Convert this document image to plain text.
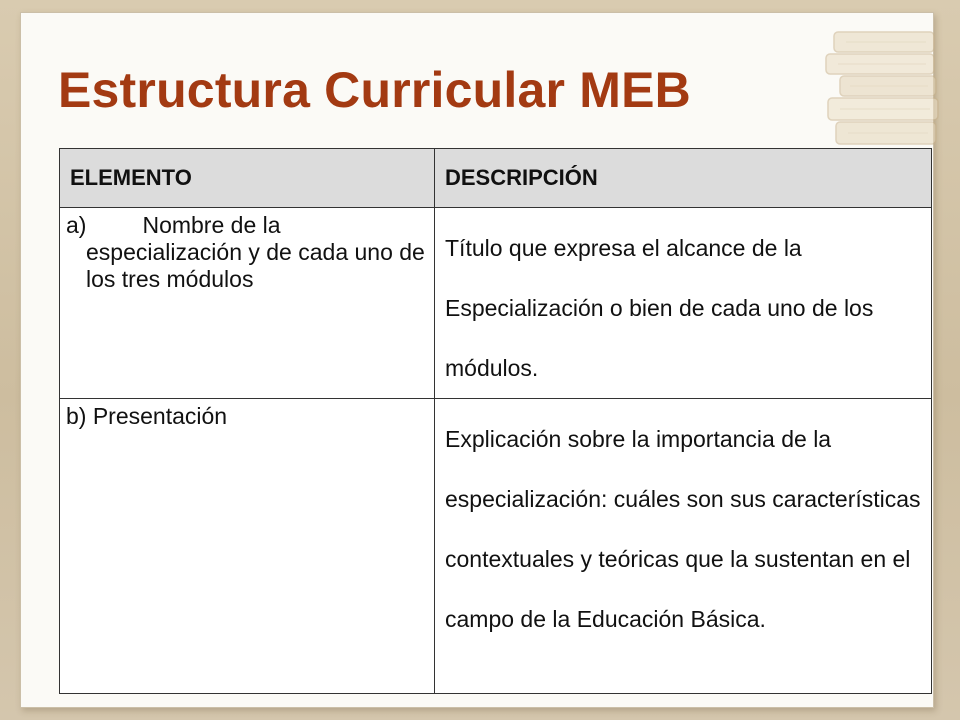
Estructura Curricular MEB
ELEMENTO	DESCRIPCIÓN

a) Nombre de la especialización y de cada uno de los tres módulos	Título que expresa el alcance de la Especialización o bien de cada uno de los módulos.
b) Presentación	Explicación sobre la importancia de la especialización: cuáles son sus características contextuales y teóricas que la sustentan en el campo de la Educación Básica.
